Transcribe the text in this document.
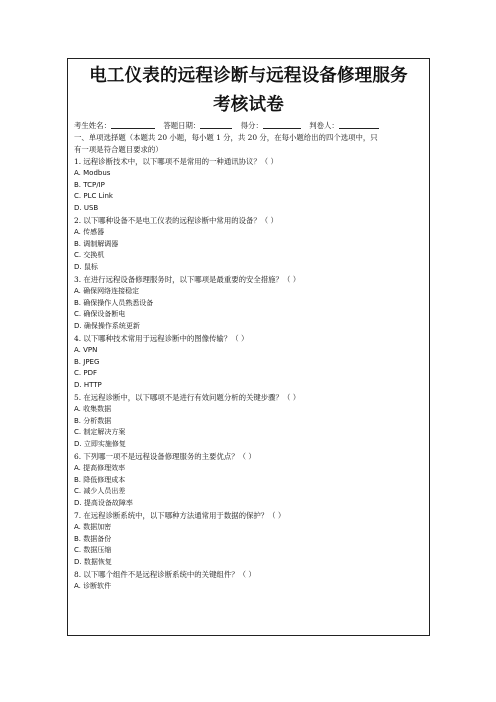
电工仪表的远程诊断与远程设备修理服务
考核试卷
考生姓名：	答题日期：	得分：	判卷人：
一、单项选择题（本题共 20 小题，每小题 1 分，共 20 分，在每小题给出的四个选项中，只
有一项是符合题目要求的）
1. 远程诊断技术中，以下哪项不是常用的一种通讯协议？（ ）
A. Modbus
B. TCP/IP
C. PLC Link
D. USB
2. 以下哪种设备不是电工仪表的远程诊断中常用的设备？（ ）
A. 传感器
B. 调制解调器
C. 交换机
D. 鼠标
3. 在进行远程设备修理服务时，以下哪项是最重要的安全措施？（ ）
A. 确保网络连接稳定
B. 确保操作人员熟悉设备
C. 确保设备断电
D. 确保操作系统更新
4. 以下哪种技术常用于远程诊断中的图像传输？（ ）
A. VPN
B. JPEG
C. PDF
D. HTTP
5. 在远程诊断中，以下哪项不是进行有效问题分析的关键步骤？（ ）
A. 收集数据
B. 分析数据
C. 制定解决方案
D. 立即实施修复
6. 下列哪一项不是远程设备修理服务的主要优点？（ ）
A. 提高修理效率
B. 降低修理成本
C. 减少人员出差
D. 提高设备故障率
7. 在远程诊断系统中，以下哪种方法通常用于数据的保护？（ ）
A. 数据加密
B. 数据备份
C. 数据压缩
D. 数据恢复
8. 以下哪个组件不是远程诊断系统中的关键组件？（ ）
A. 诊断软件
